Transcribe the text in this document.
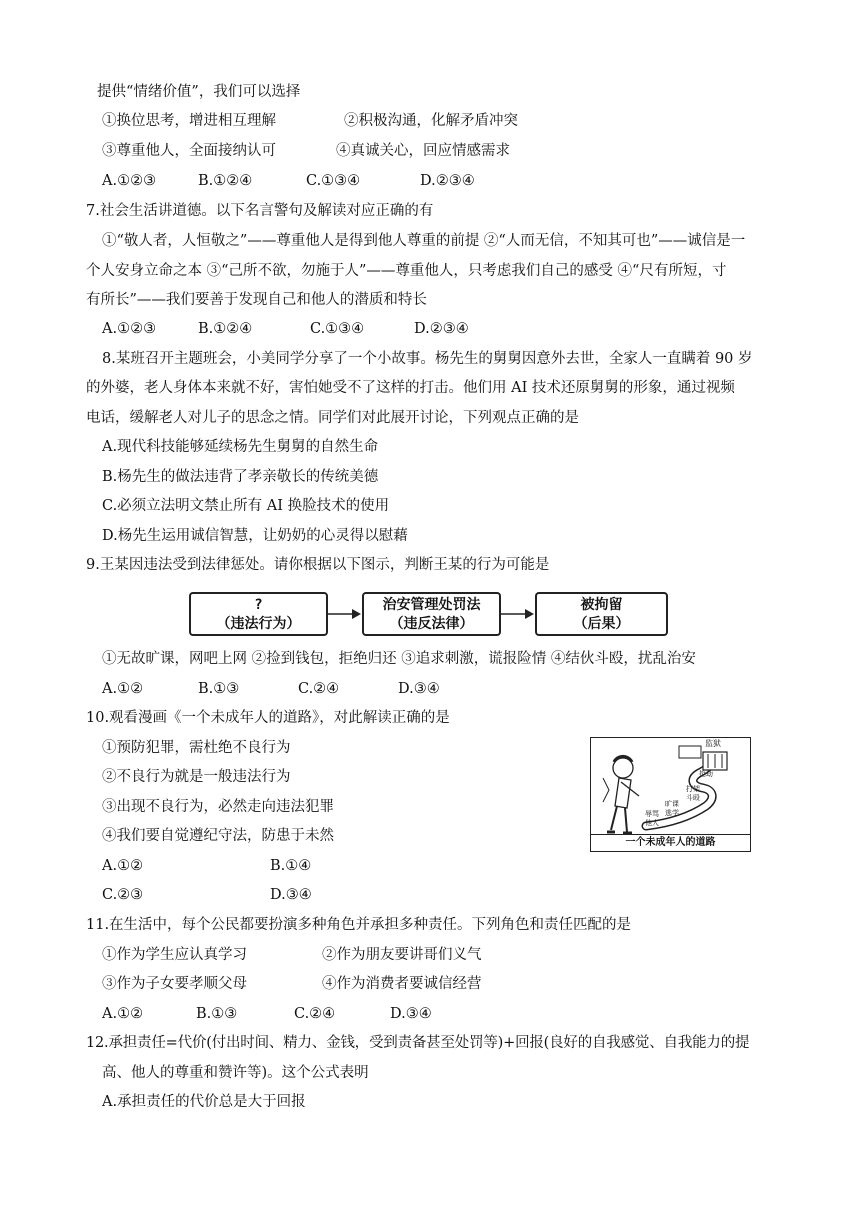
提供“情绪价值”，我们可以选择
①换位思考，增进相互理解	②积极沟通，化解矛盾冲突
③尊重他人，全面接纳认可	④真诚关心，回应情感需求
A.①②③	B.①②④	C.①③④	D.②③④
7.社会生活讲道德。以下名言警句及解读对应正确的有
①“敬人者，人恒敬之”——尊重他人是得到他人尊重的前提 ②“人而无信，不知其可也”——诚信是一
个人安身立命之本 ③“己所不欲，勿施于人”——尊重他人，只考虑我们自己的感受 ④“尺有所短，寸
有所长”——我们要善于发现自己和他人的潜质和特长
A.①②③	B.①②④	C.①③④	D.②③④
8.某班召开主题班会，小美同学分享了一个小故事。杨先生的舅舅因意外去世，全家人一直瞒着 90 岁
的外婆，老人身体本来就不好，害怕她受不了这样的打击。他们用 AI 技术还原舅舅的形象，通过视频
电话，缓解老人对儿子的思念之情。同学们对此展开讨论，下列观点正确的是
A.现代科技能够延续杨先生舅舅的自然生命
B.杨先生的做法违背了孝亲敬长的传统美德
C.必须立法明文禁止所有 AI 换脸技术的使用
D.杨先生运用诚信智慧，让奶奶的心灵得以慰藉
9.王某因违法受到法律惩处。请你根据以下图示，判断王某的行为可能是
?
（违法行为）
治安管理处罚法
（违反法律）
被拘留
（后果）
①无故旷课，网吧上网 ②捡到钱包，拒绝归还 ③追求刺激，谎报险情 ④结伙斗殴，扰乱治安
A.①②	B.①③	C.②④	D.③④
10.观看漫画《一个未成年人的道路》，对此解读正确的是
①预防犯罪，需杜绝不良行为
②不良行为就是一般违法行为
③出现不良行为，必然走向违法犯罪
④我们要自觉遵纪守法，防患于未然
A.①②	B.①④
C.②③	D.③④
监狱
辱骂他人
旷课逃学
打架斗殴
抢劫
一个未成年人的道路
11.在生活中，每个公民都要扮演多种角色并承担多种责任。下列角色和责任匹配的是
①作为学生应认真学习	②作为朋友要讲哥们义气
③作为子女要孝顺父母	④作为消费者要诚信经营
A.①②	B.①③	C.②④	D.③④
12.承担责任=代价(付出时间、精力、金钱，受到责备甚至处罚等)+回报(良好的自我感觉、自我能力的提
高、他人的尊重和赞许等)。这个公式表明
A.承担责任的代价总是大于回报
